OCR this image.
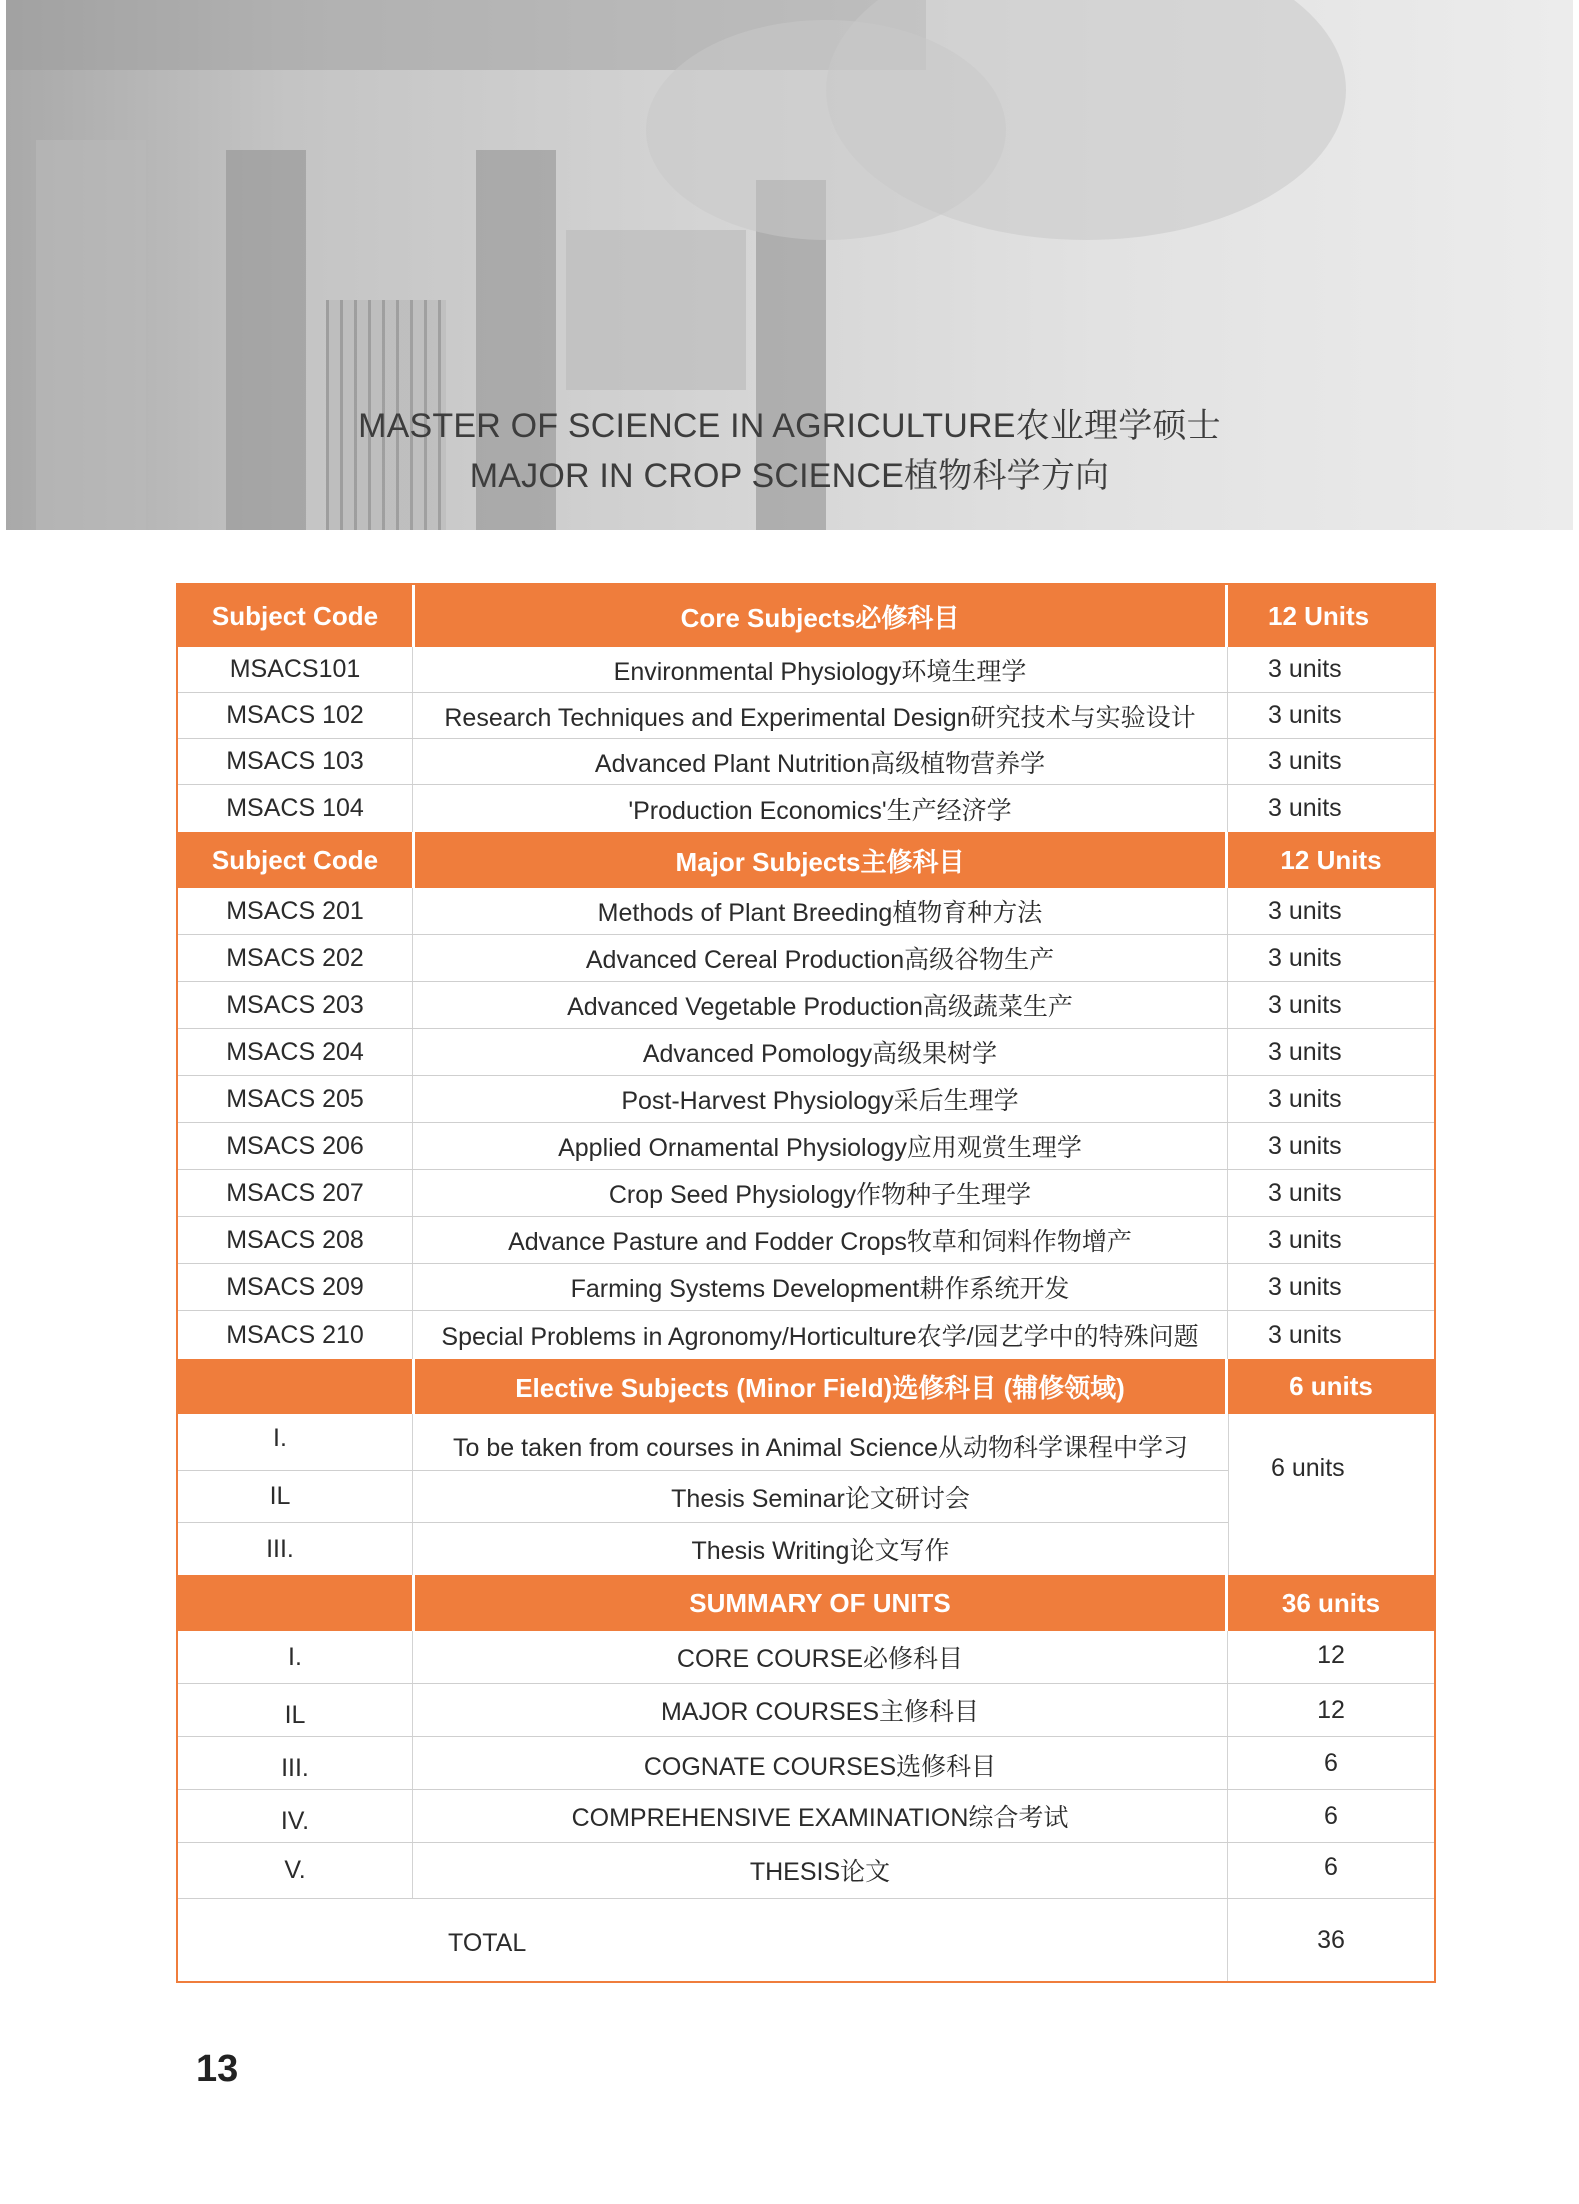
MASTER OF SCIENCE IN AGRICULTURE农业理学硕士
MAJOR IN CROP SCIENCE植物科学方向
Subject Code	Core Subjects必修科目	12 Units
MSACS101	Environmental Physiology环境生理学	3 units
MSACS 102	Research Techniques and Experimental Design研究技术与实验设计	3 units
MSACS 103	Advanced Plant Nutrition高级植物营养学	3 units
MSACS 104	'Production Economics'生产经济学	3 units
Subject Code	Major Subjects主修科目	12 Units
MSACS 201	Methods of Plant Breeding植物育种方法	3 units
MSACS 202	Advanced Cereal Production高级谷物生产	3 units
MSACS 203	Advanced Vegetable Production高级蔬菜生产	3 units
MSACS 204	Advanced Pomology高级果树学	3 units
MSACS 205	Post-Harvest Physiology采后生理学	3 units
MSACS 206	Applied Ornamental Physiology应用观赏生理学	3 units
MSACS 207	Crop Seed Physiology作物种子生理学	3 units
MSACS 208	Advance Pasture and Fodder Crops牧草和饲料作物增产	3 units
MSACS 209	Farming Systems Development耕作系统开发	3 units
MSACS 210	Special Problems in Agronomy/Horticulture农学/园艺学中的特殊问题	3 units
Elective Subjects (Minor Field)选修科目 (辅修领域)	6 units
I.	To be taken from courses in Animal Science从动物科学课程中学习
IL	Thesis Seminar论文研讨会
III.	Thesis Writing论文写作
6 units
SUMMARY OF UNITS	36 units
I.	CORE COURSE必修科目	12
IL	MAJOR COURSES主修科目	12
III.	COGNATE COURSES选修科目	6
IV.	COMPREHENSIVE EXAMINATION综合考试	6
V.	THESIS论文	6
TOTAL	36
13
